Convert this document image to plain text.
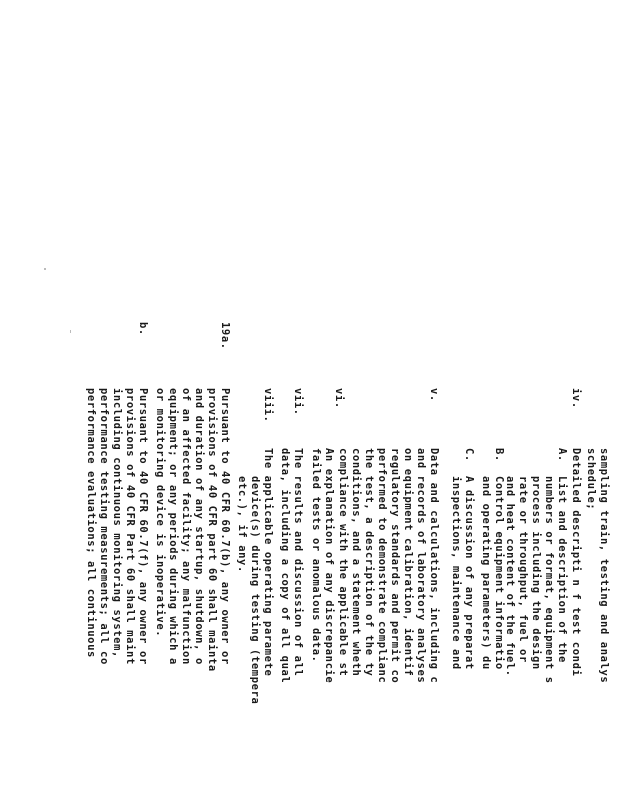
iv.
A.
B.
C.
v.
vi.
vii.
viii.
19a.
b.
sampling train, testing and analys
schedule;
Detailed descripti n f test condi
List and description of the
numbers or format, equipment s
process including the design
rate or throughput, fuel or
and heat content of the fuel.
Control equipment informatio
and operating parameters) du
A discussion of any preparat
inspections, maintenance and
Data and calculations, including c
and records of laboratory analyses
on equipment calibration, identif
regulatory standards and permit co
performed to demonstrate complianc
the test, a description of the ty
conditions, and a statement wheth
compliance with the applicable st
An explanation of any discrepancie
failed tests or anomalous data.
The results and discussion of all
data, including a copy of all qual
The applicable operating paramete
device(s) during testing (tempera
etc.), if any.
Pursuant to 40 CFR 60.7(b), any owner or
provisions of 40 CFR part 60 shall mainta
and duration of any startup, shutdown, o
of an affected facility; any malfunction
equipment; or any periods during which a
or monitoring device is inoperative.
Pursuant to 40 CFR 60.7(f), any owner or
provisions of 40 CFR Part 60 shall maint
including continuous monitoring system,
performance testing measurements; all co
performance evaluations; all continuous
